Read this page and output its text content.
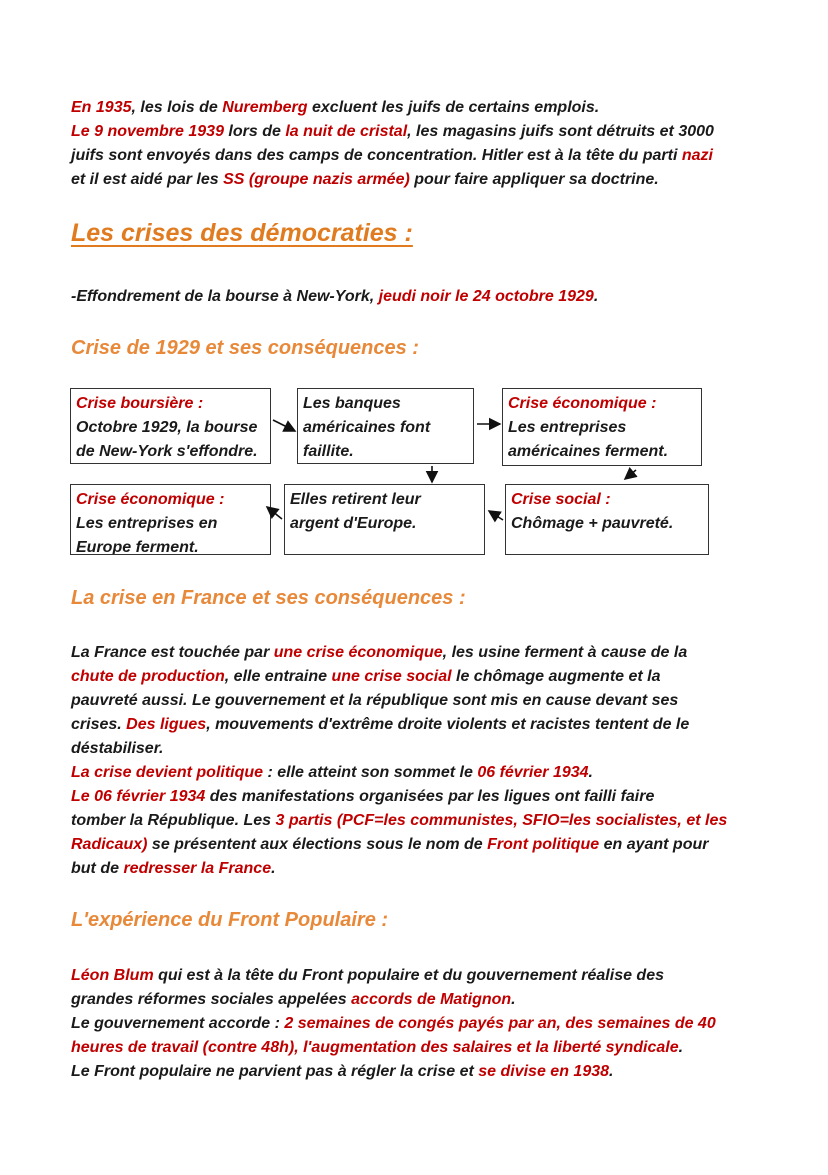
En 1935, les lois de Nuremberg excluent les juifs de certains emplois.
Le 9 novembre 1939 lors de la nuit de cristal, les magasins juifs sont détruits et 3000
juifs sont envoyés dans des camps de concentration. Hitler est à la tête du parti nazi
et il est aidé par les SS (groupe nazis armée) pour faire appliquer sa doctrine.

Les crises des démocraties :

-Effondrement de la bourse à New-York, jeudi noir le 24 octobre 1929.

Crise de 1929 et ses conséquences :
Crise boursière :
Octobre 1929, la bourse
de New-York s'effondre.
Les banques
américaines font
faillite.
Crise économique :
Les entreprises
américaines ferment.
Crise économique :
Les entreprises en
Europe ferment.
Elles retirent leur
argent d'Europe.
Crise social :
Chômage + pauvreté.
La crise en France et ses conséquences :

La France est touchée par une crise économique, les usine ferment à cause de la
chute de production, elle entraine une crise social le chômage augmente et la
pauvreté aussi. Le gouvernement et la république sont mis en cause devant ses
crises. Des ligues, mouvements d'extrême droite violents et racistes tentent de le
déstabiliser.
La crise devient politique : elle atteint son sommet le 06 février 1934.
Le 06 février 1934 des manifestations organisées par les ligues ont failli faire
tomber la République. Les 3 partis (PCF=les communistes, SFIO=les socialistes, et les
Radicaux) se présentent aux élections sous le nom de Front politique en ayant pour
but de redresser la France.

L'expérience du Front Populaire :

Léon Blum qui est à la tête du Front populaire et du gouvernement réalise des
grandes réformes sociales appelées accords de Matignon.
Le gouvernement accorde : 2 semaines de congés payés par an, des semaines de 40
heures de travail (contre 48h), l'augmentation des salaires et la liberté syndicale.
Le Front populaire ne parvient pas à régler la crise et se divise en 1938.
